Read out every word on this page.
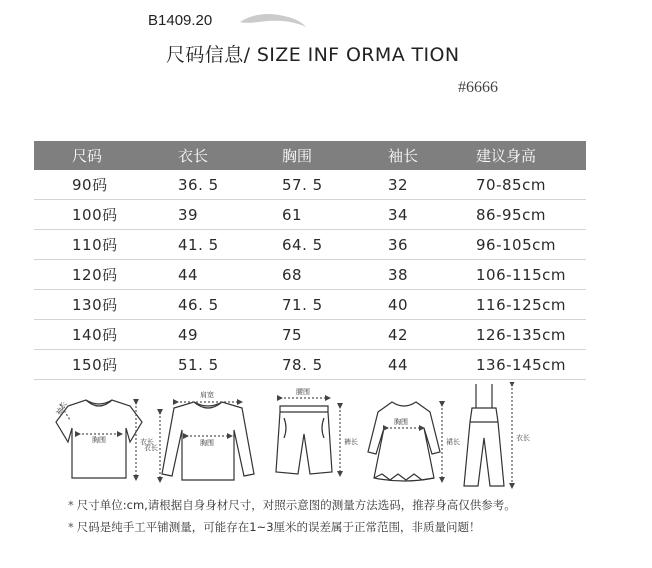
B1409.20
尺码信息/ SIZE INF ORMA TION
#6666
尺码	衣长	胸围	袖长	建议身高
90码	36. 5	57. 5	32	70-85cm
100码	39	61	34	86-95cm
110码	41. 5	64. 5	36	96-105cm
120码	44	68	38	106-115cm
130码	46. 5	71. 5	40	116-125cm
140码	49	75	42	126-135cm
150码	51. 5	78. 5	44	136-145cm
袖长
胸围	衣长
肩宽
胸围
衣长
腰围
裤长
胸围
裙长	衣长
* 尺寸单位:cm,请根据自身身材尺寸，对照示意图的测量方法选码，推荐身高仅供参考。
* 尺码是纯手工平铺测量，可能存在1~3厘米的误差属于正常范围，非质量问题！
